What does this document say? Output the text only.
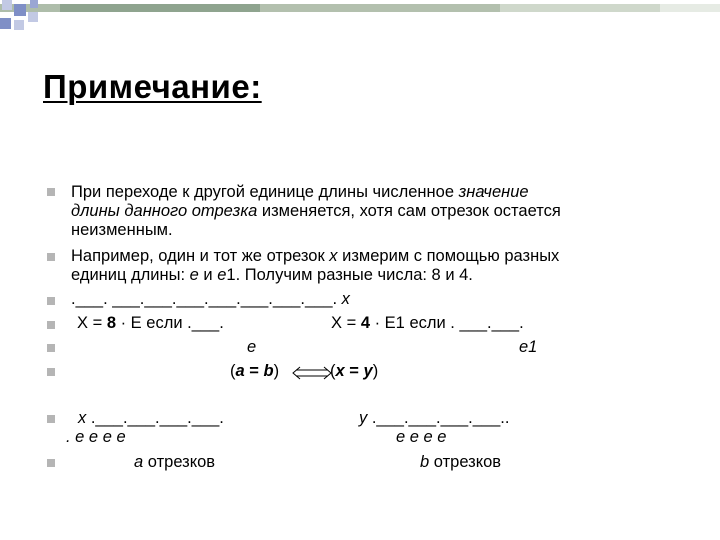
Примечание:
При переходе к другой единице длины численное значение
длины данного отрезка изменяется, хотя сам отрезок остается
неизменным.
Например, один и тот же отрезок x измерим с помощью разных
единиц длины: e и e1. Получим разные числа: 8 и 4.
.___. ___.___.___.___.___.___.___. x
X = 8 · E если .___.	X = 4 · E1 если . ___.___.
e	e1
(a = b)	(x = y)
x .___.___.___.___.
. e e e e
y .___.___.___.___..
e e e e
a отрезков	b отрезков
